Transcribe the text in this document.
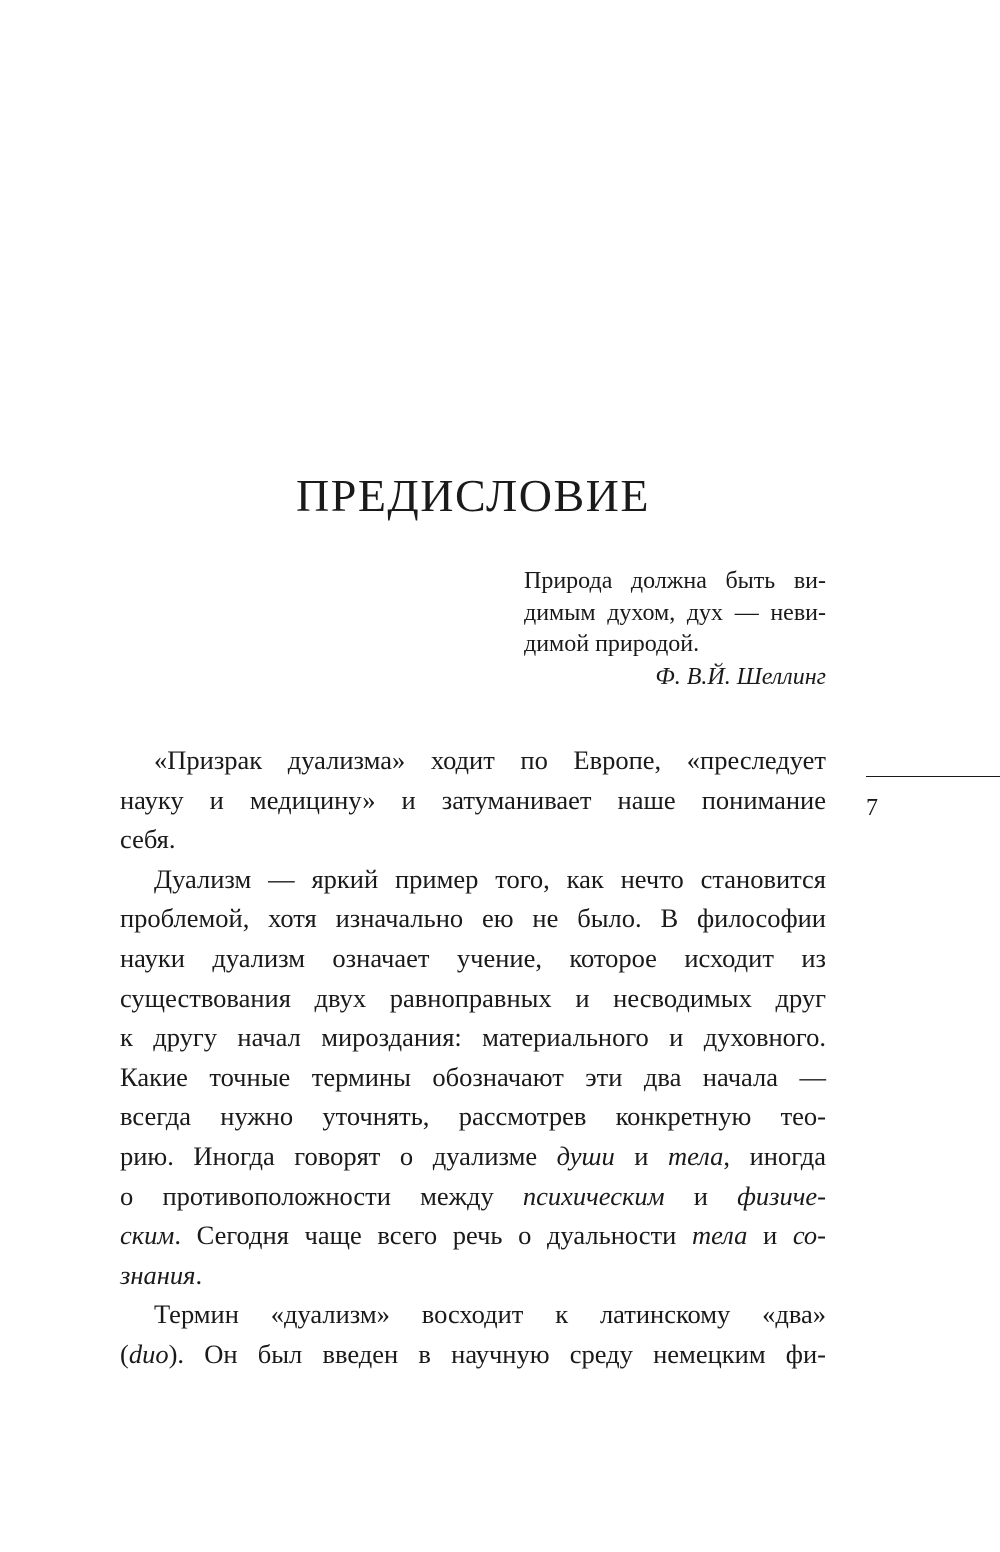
ПРЕДИСЛОВИЕ
Природа должна быть ви-
димым духом, дух — неви-
димой природой.
Ф. В.Й. Шеллинг
«Призрак дуализма» ходит по Европе, «преследует
науку и медицину» и затуманивает наше понимание
себя.
Дуализм — яркий пример того, как нечто становится
проблемой, хотя изначально ею не было. В философии
науки дуализм означает учение, которое исходит из
существования двух равноправных и несводимых друг
к другу начал мироздания: материального и духовного.
Какие точные термины обозначают эти два начала —
всегда нужно уточнять, рассмотрев конкретную тео-
рию. Иногда говорят о дуализме души и тела, иногда
о противоположности между психическим и физиче-
ским. Сегодня чаще всего речь о дуальности тела и со-
знания.
Термин «дуализм» восходит к латинскому «два»
(duo). Он был введен в научную среду немецким фи-
7
